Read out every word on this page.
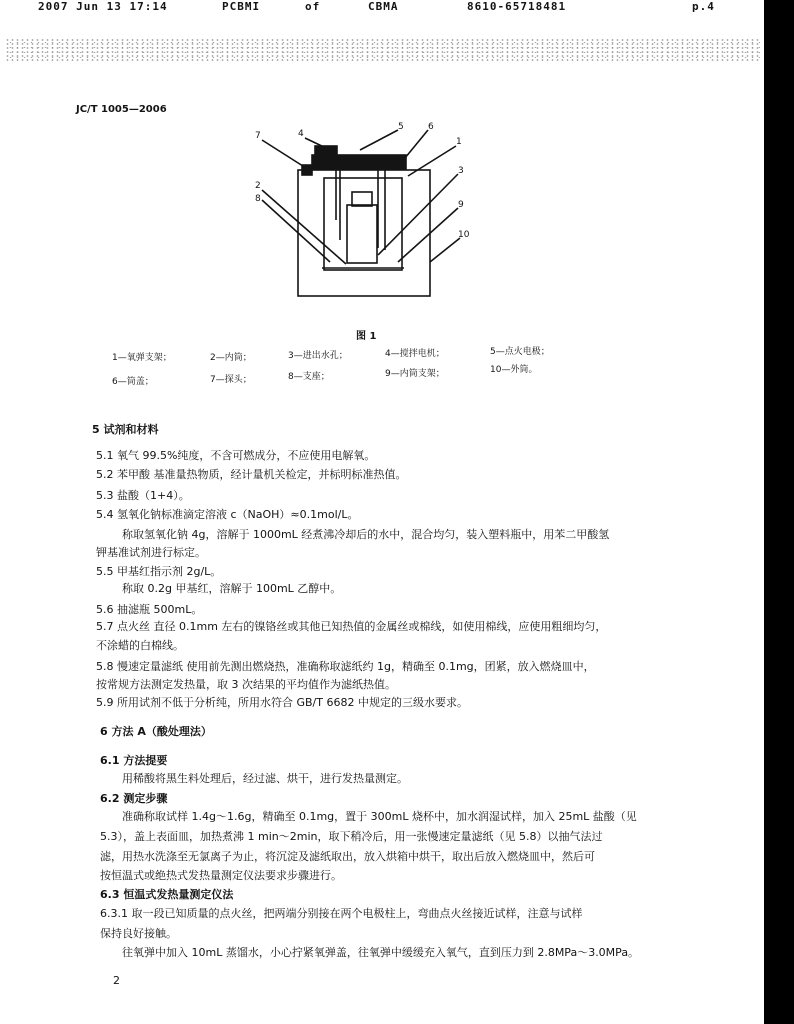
2007 Jun 13 17:14	PCBMI	of	CBMA	8610-65718481	p.4
JC/T 1005—2006
7	4
5	6
1
2
3
8
9
10
图 1
1—氧弹支架；	2—内筒；	3—进出水孔；	4—搅拌电机；	5—点火电极；
6—筒盖；	7—探头；	8—支座；	9—内筒支架；	10—外筒。
5 试剂和材料
5.1 氧气 99.5%纯度，不含可燃成分，不应使用电解氧。
5.2 苯甲酸 基准量热物质，经计量机关检定，并标明标准热值。
5.3 盐酸（1+4）。
5.4 氢氧化钠标准滴定溶液 c（NaOH）≈0.1mol/L。
称取氢氧化钠 4g，溶解于 1000mL 经煮沸冷却后的水中，混合均匀，装入塑料瓶中，用苯二甲酸氢
钾基准试剂进行标定。
5.5 甲基红指示剂 2g/L。
称取 0.2g 甲基红，溶解于 100mL 乙醇中。
5.6 抽滤瓶 500mL。
5.7 点火丝 直径 0.1mm 左右的镍铬丝或其他已知热值的金属丝或棉线，如使用棉线，应使用粗细均匀，
不涂蜡的白棉线。
5.8 慢速定量滤纸 使用前先测出燃烧热，准确称取滤纸约 1g，精确至 0.1mg，团紧，放入燃烧皿中，
按常规方法测定发热量，取 3 次结果的平均值作为滤纸热值。
5.9 所用试剂不低于分析纯，所用水符合 GB/T 6682 中规定的三级水要求。
6 方法 A（酸处理法）
6.1 方法提要
用稀酸将黑生料处理后，经过滤、烘干，进行发热量测定。
6.2 测定步骤
准确称取试样 1.4g～1.6g，精确至 0.1mg，置于 300mL 烧杯中，加水润湿试样，加入 25mL 盐酸（见
5.3），盖上表面皿，加热煮沸 1 min～2min，取下稍冷后，用一张慢速定量滤纸（见 5.8）以抽气法过
滤，用热水洗涤至无氯离子为止，将沉淀及滤纸取出，放入烘箱中烘干，取出后放入燃烧皿中，然后可
按恒温式或绝热式发热量测定仪法要求步骤进行。
6.3 恒温式发热量测定仪法
6.3.1 取一段已知质量的点火丝，把两端分别接在两个电极柱上，弯曲点火丝接近试样，注意与试样
保持良好接触。
往氧弹中加入 10mL 蒸馏水，小心拧紧氧弹盖，往氧弹中缓缓充入氧气，直到压力到 2.8MPa～3.0MPa。
2
